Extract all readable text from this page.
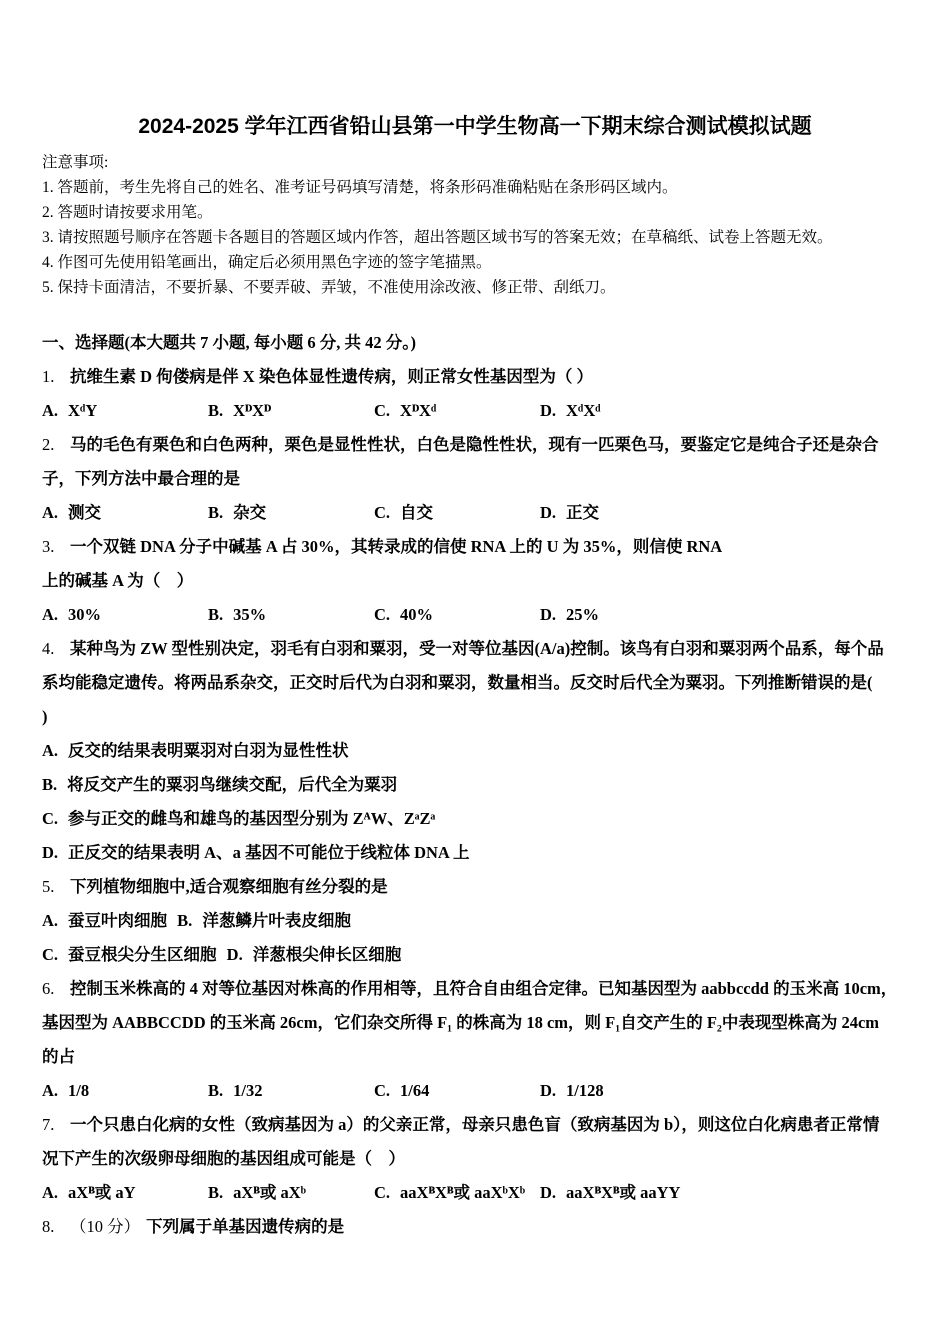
2024-2025 学年江西省铅山县第一中学生物高一下期末综合测试模拟试题
注意事项:
1. 答题前，考生先将自己的姓名、准考证号码填写清楚，将条形码准确粘贴在条形码区域内。
2. 答题时请按要求用笔。
3. 请按照题号顺序在答题卡各题目的答题区域内作答，超出答题区域书写的答案无效；在草稿纸、试卷上答题无效。
4. 作图可先使用铅笔画出，确定后必须用黑色字迹的签字笔描黑。
5. 保持卡面清洁，不要折暴、不要弄破、弄皱，不准使用涂改液、修正带、刮纸刀。
一、选择题(本大题共 7 小题, 每小题 6 分, 共 42 分。)
1. 抗维生素 D 佝偻病是伴 X 染色体显性遗传病，则正常女性基因型为（ ）
A. XᵈY	B. XᴰXᴰ	C. XᴰXᵈ	D. XᵈXᵈ
2. 马的毛色有栗色和白色两种，栗色是显性性状，白色是隐性性状，现有一匹栗色马，要鉴定它是纯合子还是杂合
子，下列方法中最合理的是
A. 测交	B. 杂交	C. 自交	D. 正交
3. 一个双链 DNA 分子中碱基 A 占 30%，其转录成的信使 RNA 上的 U 为 35%，则信使 RNA
上的碱基 A 为（　）
A. 30%	B. 35%	C. 40%	D. 25%
4. 某种鸟为 ZW 型性别决定，羽毛有白羽和粟羽，受一对等位基因(A/a)控制。该鸟有白羽和粟羽两个品系，每个品
系均能稳定遗传。将两品系杂交，正交时后代为白羽和粟羽，数量相当。反交时后代全为粟羽。下列推断错误的是(
)
A. 反交的结果表明粟羽对白羽为显性性状
B. 将反交产生的粟羽鸟继续交配，后代全为粟羽
C. 参与正交的雌鸟和雄鸟的基因型分别为 ZᴬW、ZᵃZᵃ
D. 正反交的结果表明 A、a 基因不可能位于线粒体 DNA 上
5. 下列植物细胞中,适合观察细胞有丝分裂的是
A. 蚕豆叶肉细胞 B. 洋葱鳞片叶表皮细胞
C. 蚕豆根尖分生区细胞 D. 洋葱根尖伸长区细胞
6. 控制玉米株高的 4 对等位基因对株高的作用相等，且符合自由组合定律。已知基因型为 aabbccdd 的玉米高 10cm，
基因型为 AABBCCDD 的玉米高 26cm，它们杂交所得 F₁ 的株高为 18 cm，则 F₁自交产生的 F₂中表现型株高为 24cm
的占
A. 1/8	B. 1/32	C. 1/64	D. 1/128
7. 一个只患白化病的女性（致病基因为 a）的父亲正常，母亲只患色盲（致病基因为 b），则这位白化病患者正常情
况下产生的次级卵母细胞的基因组成可能是（　）
A. aXᴮ或 aY	B. aXᴮ或 aXᵇ	C. aaXᴮXᴮ或 aaXᵇXᵇ D. aaXᴮXᴮ或 aaYY
8. （10 分） 下列属于单基因遗传病的是
